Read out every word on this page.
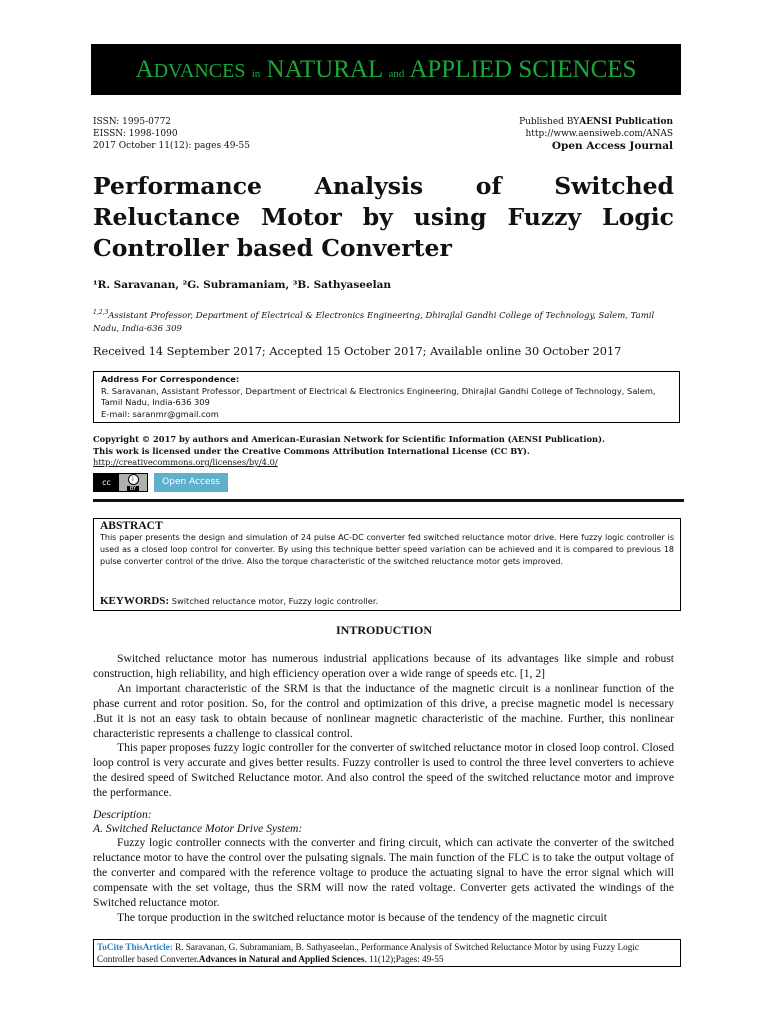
ADVANCES in NATURAL and APPLIED SCIENCES
ISSN: 1995-0772
EISSN: 1998-1090
2017 October 11(12): pages 49-55
Published BYAENSI Publication
http://www.aensiweb.com/ANAS
Open Access Journal
Performance Analysis of Switched Reluctance Motor by using Fuzzy Logic Controller based Converter
¹R. Saravanan, ²G. Subramaniam, ³B. Sathyaseelan
$^{1,2,3}$Assistant Professor, Department of Electrical & Electronics Engineering, Dhirajlal Gandhi College of Technology, Salem, Tamil Nadu, India-636 309
Received 14 September 2017; Accepted 15 October 2017; Available online 30 October 2017
Address For Correspondence:
R. Saravanan, Assistant Professor, Department of Electrical & Electronics Engineering, Dhirajlal Gandhi College of Technology, Salem, Tamil Nadu, India-636 309
E-mail: saranmr@gmail.com
Copyright © 2017 by authors and American-Eurasian Network for Scientific Information (AENSI Publication).
This work is licensed under the Creative Commons Attribution International License (CC BY).
http://creativecommons.org/licenses/by/4.0/
cc	i
BY
Open Access
ABSTRACT
This paper presents the design and simulation of 24 pulse AC-DC converter fed switched reluctance motor drive. Here fuzzy logic controller is used as a closed loop control for converter. By using this technique better speed variation can be achieved and it is compared to previous 18 pulse converter control of the drive. Also the torque characteristic of the switched reluctance motor gets improved.
KEYWORDS: Switched reluctance motor, Fuzzy logic controller.
INTRODUCTION

Switched reluctance motor has numerous industrial applications because of its advantages like simple and robust construction, high reliability, and high efficiency operation over a wide range of speeds etc. [1, 2]

An important characteristic of the SRM is that the inductance of the magnetic circuit is a nonlinear function of the phase current and rotor position. So, for the control and optimization of this drive, a precise magnetic model is necessary .But it is not an easy task to obtain because of nonlinear magnetic characteristic of the machine. Further, this nonlinear characteristic represents a challenge to classical control.

This paper proposes fuzzy logic controller for the converter of switched reluctance motor in closed loop control. Closed loop control is very accurate and gives better results. Fuzzy controller is used to control the three level converters to achieve the desired speed of Switched Reluctance motor. And also control the speed of the switched reluctance motor and improve the performance.

Description:
A. Switched Reluctance Motor Drive System:

Fuzzy logic controller connects with the converter and firing circuit, which can activate the converter of the switched reluctance motor to have the control over the pulsating signals. The main function of the FLC is to take the output voltage of the converter and compared with the reference voltage to produce the actuating signal to have the error signal which will compensate with the set voltage, thus the SRM will now the rated voltage. Converter gets activated the windings of the Switched reluctance motor.

The torque production in the switched reluctance motor is because of the tendency of the magnetic circuit

ToCite ThisArticle: R. Saravanan, G. Subramaniam, B. Sathyaseelan., Performance Analysis of Switched Reluctance Motor by using Fuzzy Logic Controller based Converter.Advances in Natural and Applied Sciences. 11(12);Pages: 49-55
